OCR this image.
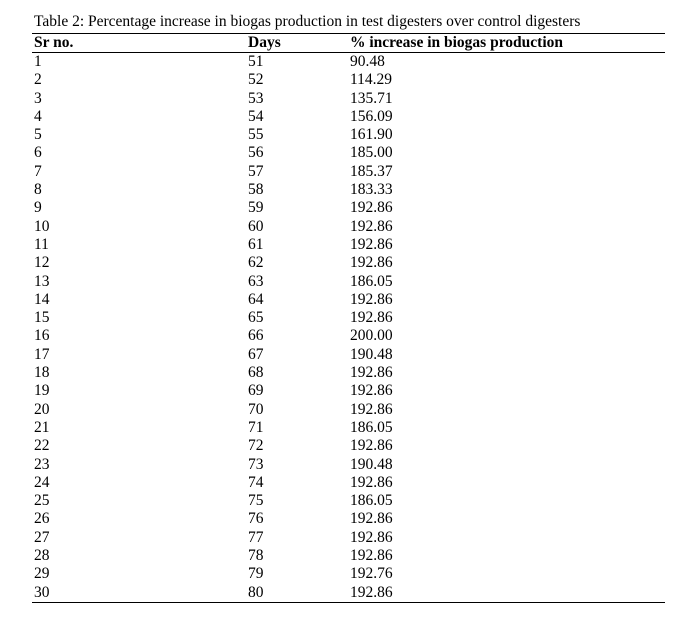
Table 2: Percentage increase in biogas production in test digesters over control digesters
Sr no.	Days	% increase in biogas production
1	51	90.48
2	52	114.29
3	53	135.71
4	54	156.09
5	55	161.90
6	56	185.00
7	57	185.37
8	58	183.33
9	59	192.86
10	60	192.86
11	61	192.86
12	62	192.86
13	63	186.05
14	64	192.86
15	65	192.86
16	66	200.00
17	67	190.48
18	68	192.86
19	69	192.86
20	70	192.86
21	71	186.05
22	72	192.86
23	73	190.48
24	74	192.86
25	75	186.05
26	76	192.86
27	77	192.86
28	78	192.86
29	79	192.76
30	80	192.86
